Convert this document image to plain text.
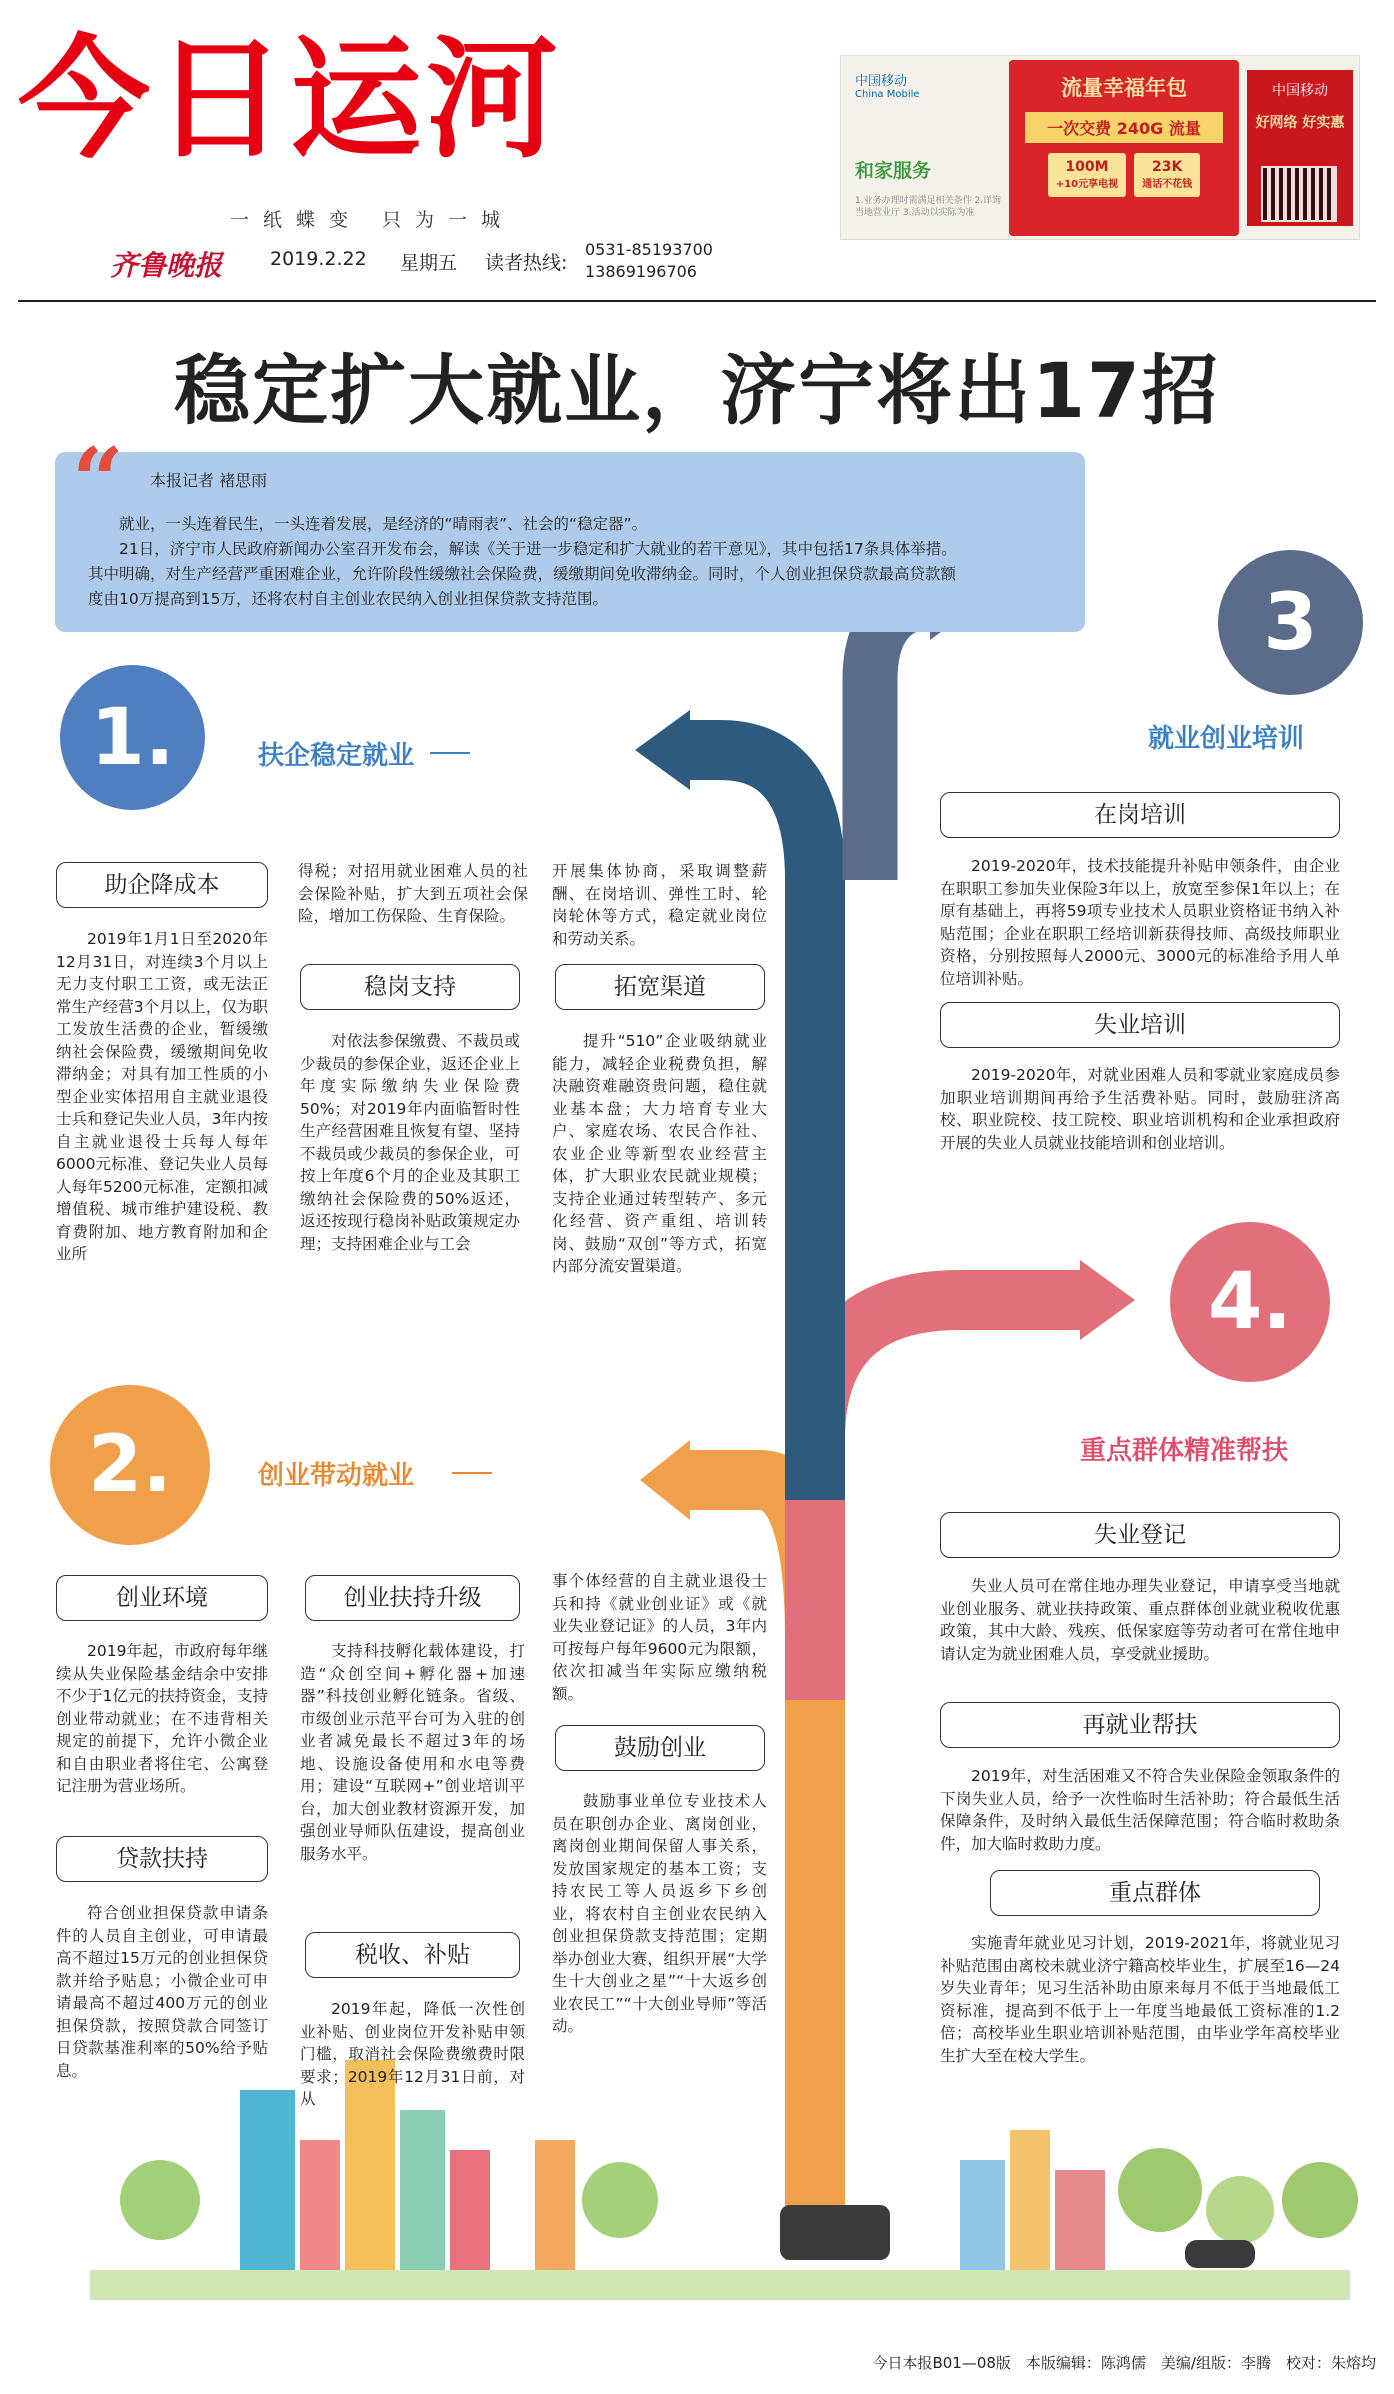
今日运河
一纸蝶变 只为一城
齐鲁晚报	2019.2.22 星期五 读者热线:
0531-85193700
13869196706
中国移动
China Mobile
和家服务
1.业务办理时需满足相关条件 2.详询当地营业厅 3.活动以实际为准
流量幸福年包
一次交费 240G 流量
100M
+10元享电视
23K
通话不花钱
中国移动
好网络 好实惠
稳定扩大就业，济宁将出17招
“ 本报记者 褚思雨

就业，一头连着民生，一头连着发展，是经济的“晴雨表”、社会的“稳定器”。

21日，济宁市人民政府新闻办公室召开发布会，解读《关于进一步稳定和扩大就业的若干意见》，其中包括17条具体举措。其中明确，对生产经营严重困难企业，允许阶段性缓缴社会保险费，缓缴期间免收滞纳金。同时，个人创业担保贷款最高贷款额度由10万提高到15万，还将农村自主创业农民纳入创业担保贷款支持范围。

1.	扶企稳定就业
助企降成本
2019年1月1日至2020年12月31日，对连续3个月以上无力支付职工工资，或无法正常生产经营3个月以上，仅为职工发放生活费的企业，暂缓缴纳社会保险费，缓缴期间免收滞纳金；对具有加工性质的小型企业实体招用自主就业退役士兵和登记失业人员，3年内按自主就业退役士兵每人每年6000元标准、登记失业人员每人每年5200元标准，定额扣减增值税、城市维护建设税、教育费附加、地方教育附加和企业所
得税；对招用就业困难人员的社会保险补贴，扩大到五项社会保险，增加工伤保险、生育保险。
稳岗支持
对依法参保缴费、不裁员或少裁员的参保企业，返还企业上年度实际缴纳失业保险费50%；对2019年内面临暂时性生产经营困难且恢复有望、坚持不裁员或少裁员的参保企业，可按上年度6个月的企业及其职工缴纳社会保险费的50%返还，返还按现行稳岗补贴政策规定办理；支持困难企业与工会
开展集体协商，采取调整薪酬、在岗培训、弹性工时、轮岗轮休等方式，稳定就业岗位和劳动关系。
拓宽渠道
提升“510”企业吸纳就业能力，减轻企业税费负担，解决融资难融资贵问题，稳住就业基本盘；大力培育专业大户、家庭农场、农民合作社、农业企业等新型农业经营主体，扩大职业农民就业规模；支持企业通过转型转产、多元化经营、资产重组、培训转岗、鼓励“双创”等方式，拓宽内部分流安置渠道。
2.	创业带动就业
创业环境
2019年起，市政府每年继续从失业保险基金结余中安排不少于1亿元的扶持资金，支持创业带动就业；在不违背相关规定的前提下，允许小微企业和自由职业者将住宅、公寓登记注册为营业场所。
贷款扶持
符合创业担保贷款申请条件的人员自主创业，可申请最高不超过15万元的创业担保贷款并给予贴息；小微企业可申请最高不超过400万元的创业担保贷款，按照贷款合同签订日贷款基准利率的50%给予贴息。
创业扶持升级
支持科技孵化载体建设，打造“众创空间+孵化器+加速器”科技创业孵化链条。省级、市级创业示范平台可为入驻的创业者减免最长不超过3年的场地、设施设备使用和水电等费用；建设“互联网+”创业培训平台，加大创业教材资源开发，加强创业导师队伍建设，提高创业服务水平。
税收、补贴
2019年起，降低一次性创业补贴、创业岗位开发补贴申领门槛，取消社会保险费缴费时限要求；2019年12月31日前，对从
事个体经营的自主就业退役士兵和持《就业创业证》或《就业失业登记证》的人员，3年内可按每户每年9600元为限额，依次扣减当年实际应缴纳税额。
鼓励创业
鼓励事业单位专业技术人员在职创办企业、离岗创业，离岗创业期间保留人事关系，发放国家规定的基本工资；支持农民工等人员返乡下乡创业，将农村自主创业农民纳入创业担保贷款支持范围；定期举办创业大赛，组织开展“大学生十大创业之星”“十大返乡创业农民工”“十大创业导师”等活动。
3
就业创业培训
在岗培训
2019-2020年，技术技能提升补贴申领条件，由企业在职职工参加失业保险3年以上，放宽至参保1年以上；在原有基础上，再将59项专业技术人员职业资格证书纳入补贴范围；企业在职职工经培训新获得技师、高级技师职业资格，分别按照每人2000元、3000元的标准给予用人单位培训补贴。
失业培训
2019-2020年，对就业困难人员和零就业家庭成员参加职业培训期间再给予生活费补贴。同时，鼓励驻济高校、职业院校、技工院校、职业培训机构和企业承担政府开展的失业人员就业技能培训和创业培训。
4.
重点群体精准帮扶
失业登记
失业人员可在常住地办理失业登记，申请享受当地就业创业服务、就业扶持政策、重点群体创业就业税收优惠政策，其中大龄、残疾、低保家庭等劳动者可在常住地申请认定为就业困难人员，享受就业援助。
再就业帮扶
2019年，对生活困难又不符合失业保险金领取条件的下岗失业人员，给予一次性临时生活补助；符合最低生活保障条件，及时纳入最低生活保障范围；符合临时救助条件，加大临时救助力度。
重点群体
实施青年就业见习计划，2019-2021年，将就业见习补贴范围由离校未就业济宁籍高校毕业生，扩展至16—24岁失业青年；见习生活补助由原来每月不低于当地最低工资标准，提高到不低于上一年度当地最低工资标准的1.2倍；高校毕业生职业培训补贴范围，由毕业学年高校毕业生扩大至在校大学生。
今日本报B01—08版　本版编辑：陈鸿儒　美编/组版：李腾　校对：朱熔均
